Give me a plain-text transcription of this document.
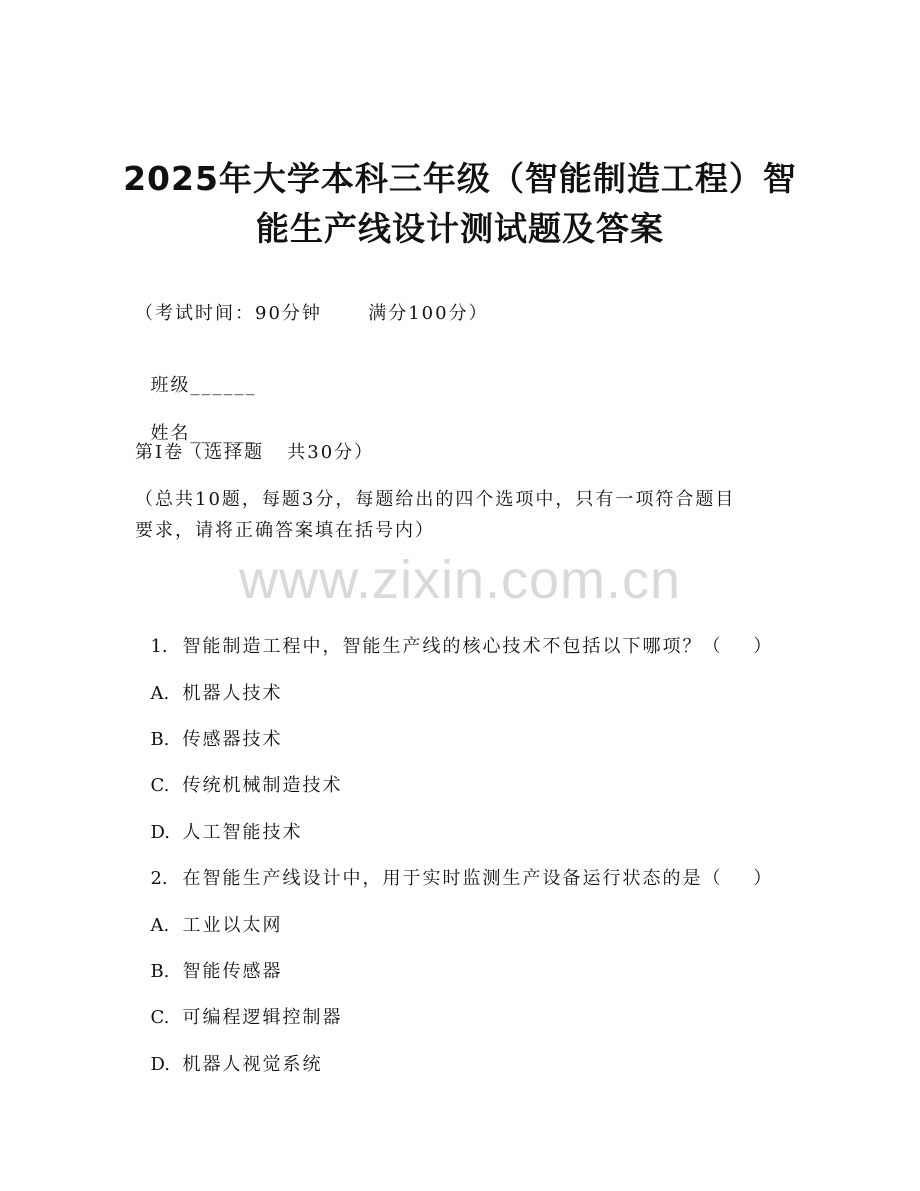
2025年大学本科三年级（智能制造工程）智
能生产线设计测试题及答案
（考试时间：90分钟      满分100分）

班级______

姓名______

第I卷（选择题   共30分）
（总共10题，每题3分，每题给出的四个选项中，只有一项符合题目
要求，请将正确答案填在括号内）
www.zixin.com.cn

1. 智能制造工程中，智能生产线的核心技术不包括以下哪项？（    ）

A. 机器人技术

B. 传感器技术

C. 传统机械制造技术

D. 人工智能技术

2. 在智能生产线设计中，用于实时监测生产设备运行状态的是（    ）

A. 工业以太网

B. 智能传感器

C. 可编程逻辑控制器

D. 机器人视觉系统
